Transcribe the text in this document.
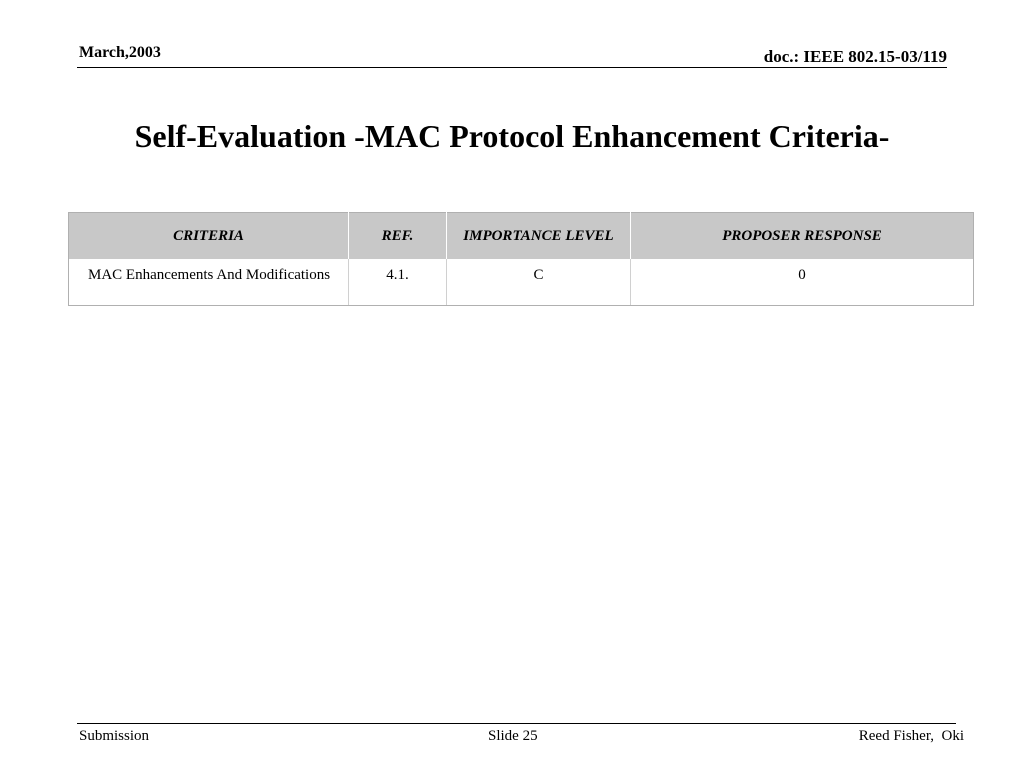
March,2003	doc.: IEEE 802.15-03/119
Self-Evaluation -MAC Protocol Enhancement Criteria-
CRITERIA	REF.	IMPORTANCE LEVEL	PROPOSER RESPONSE
MAC Enhancements And Modifications	4.1.	C	0
Submission	Slide 25	Reed Fisher,  Oki
